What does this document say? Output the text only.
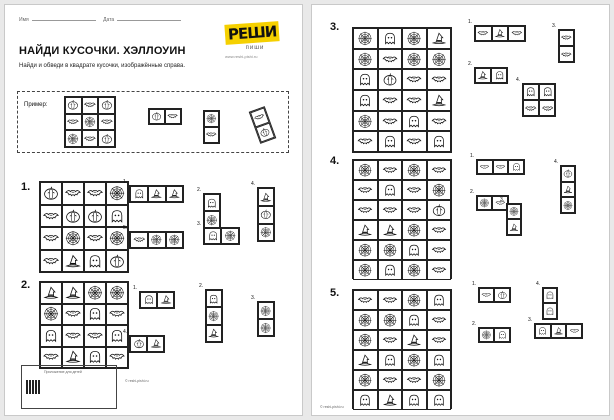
Имя	Дата
РЕШИ
пиши
www.reshi-pishi.ru
НАЙДИ КУСОЧКИ. ХЭЛЛОУИН
Найди и обведи в квадрате кусочки, изображённые справа.
Пример:
1.	1.
2.
3.
4.
5.
2.	1.	2.
3.
4.
Приложение для детей
© reshi-pishi.ru
3.	1.
2.
3.
4.
4.	1.
2.
3.
4.
5.
1.
2.
3.
4.
© reshi-pishi.ru
